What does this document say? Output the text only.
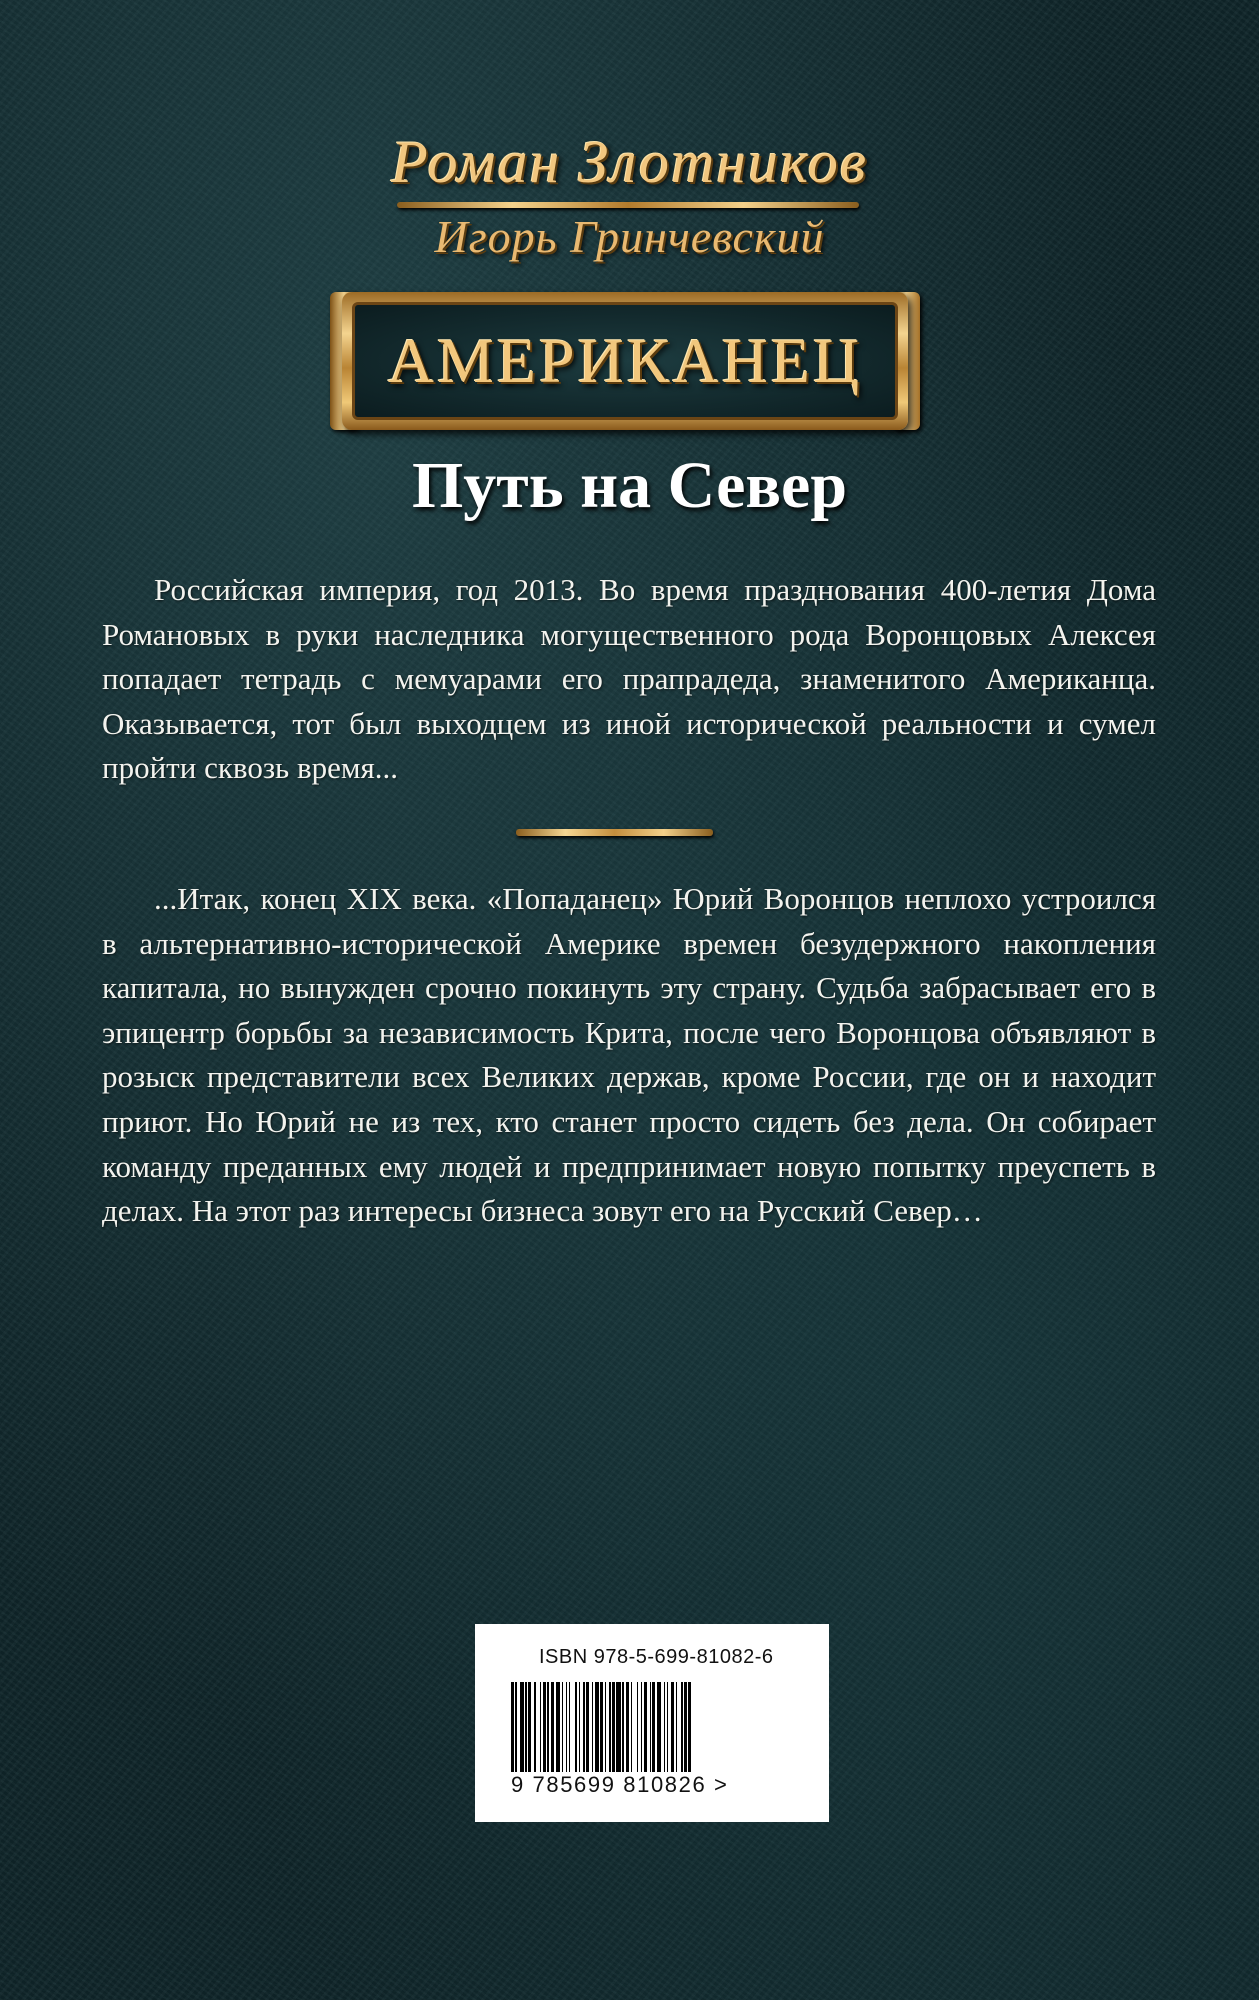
Роман Злотников
Игорь Гринчевский
АМЕРИКАНЕЦ
Путь на Север

Российская империя, год 2013. Во время празднования 400-летия Дома Романовых в руки наследника могущественного рода Воронцовых Алексея попадает тетрадь с мемуарами его прапрадеда, знаменитого Американца. Оказывается, тот был выходцем из иной исторической реальности и сумел пройти сквозь время...

...Итак, конец XIX века. «Попаданец» Юрий Воронцов неплохо устроился в альтернативно-исторической Америке времен безудержного накопления капитала, но вынужден срочно покинуть эту страну. Судьба забрасывает его в эпицентр борьбы за независимость Крита, после чего Воронцова объявляют в розыск представители всех Великих держав, кроме России, где он и находит приют. Но Юрий не из тех, кто станет просто сидеть без дела. Он собирает команду преданных ему людей и предпринимает новую попытку преуспеть в делах. На этот раз интересы бизнеса зовут его на Русский Север…

ISBN 978-5-699-81082-6
9 785699 810826 >
